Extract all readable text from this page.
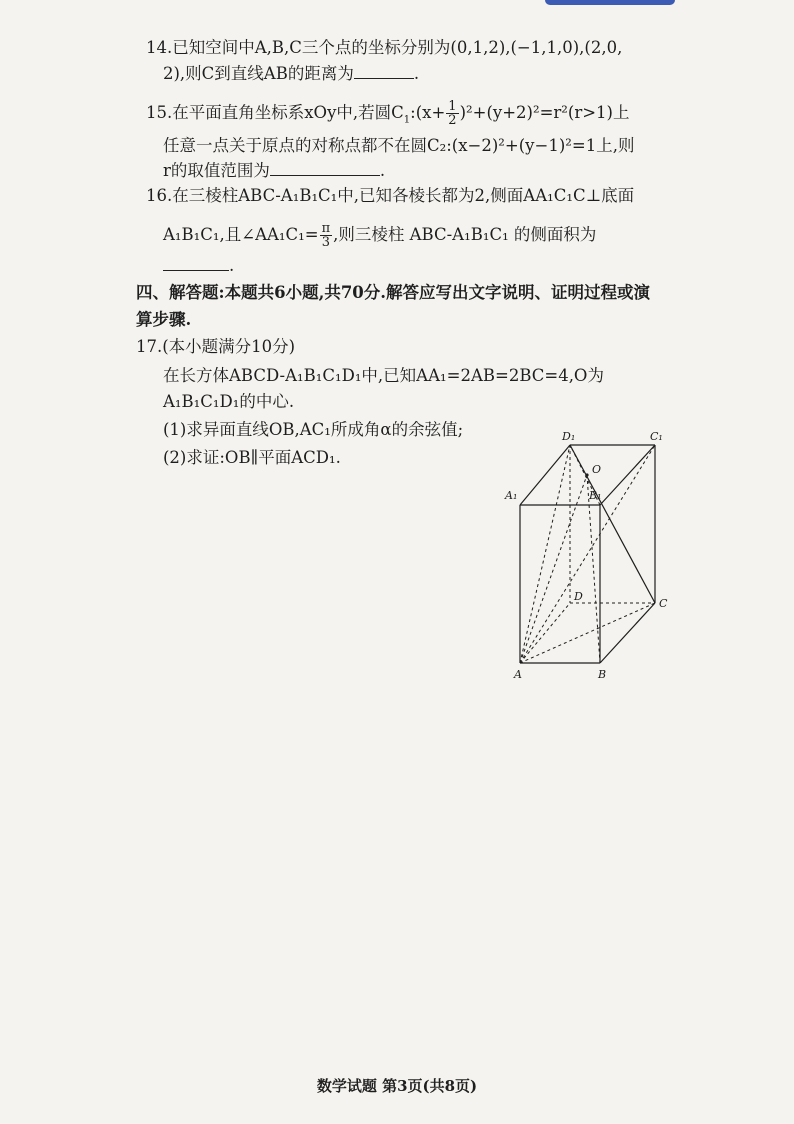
14.已知空间中A,B,C三个点的坐标分别为(0,1,2),(−1,1,0),(2,0,
2),则C到直线AB的距离为	.
15.在平面直角坐标系xOy中,若圆$C_1:(x+ \frac{1}{2} )^2+(y+2)^2=r^2(r>1)$上
任意一点关于原点的对称点都不在圆C₂:(x−2)²+(y−1)²=1上,则
r的取值范围为	.
16.在三棱柱ABC-A₁B₁C₁中,已知各棱长都为2,侧面AA₁C₁C⊥底面
A₁B₁C₁,且∠AA₁C₁= $\frac{\pi}{3}$ ,则三棱柱 ABC-A₁B₁C₁ 的侧面积为
.
四、解答题:本题共6小题,共70分.解答应写出文字说明、证明过程或演
算步骤.
17.(本小题满分10分)
在长方体ABCD-A₁B₁C₁D₁中,已知AA₁=2AB=2BC=4,O为
A₁B₁C₁D₁的中心.
(1)求异面直线OB,AC₁所成角α的余弦值;
(2)求证:OB∥平面ACD₁.
D₁	C₁
O
A₁	B₁
D
C
A	B
数学试题 第3页(共8页)
